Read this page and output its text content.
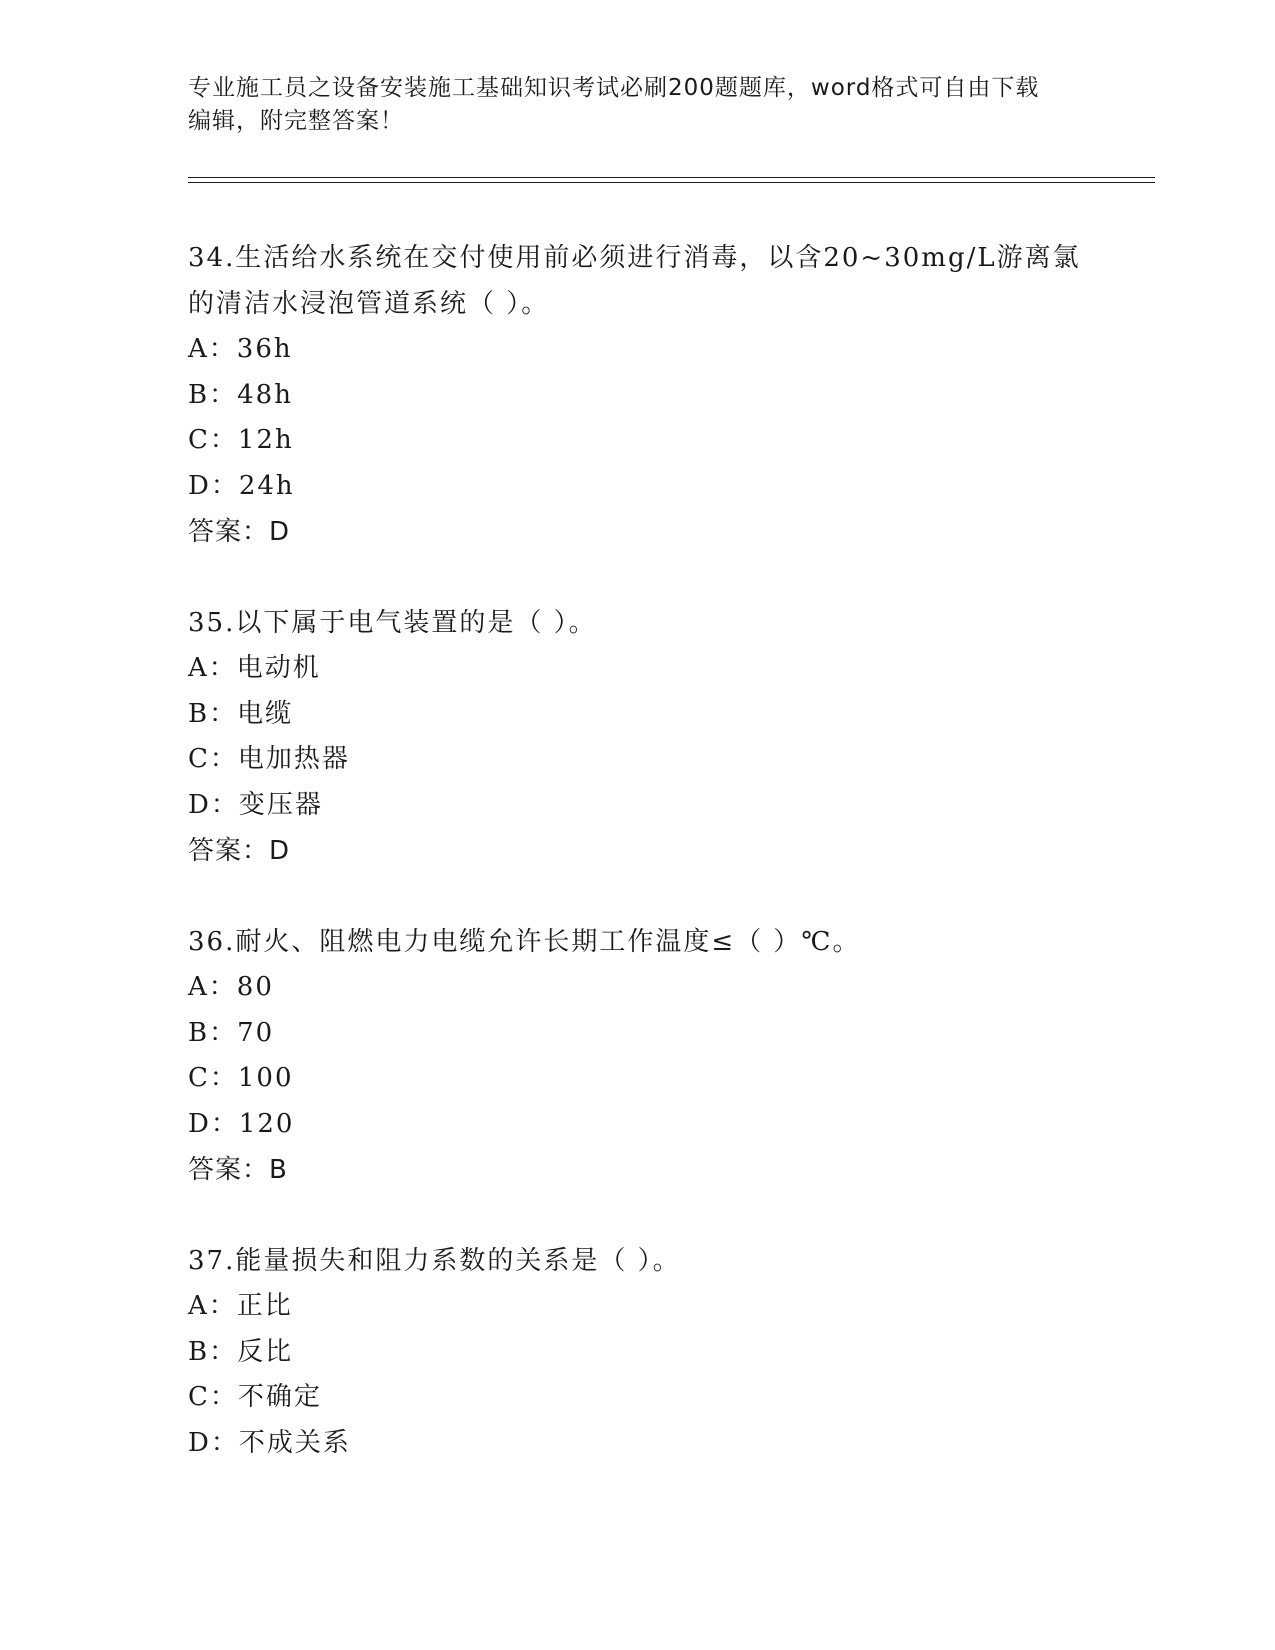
专业施工员之设备安装施工基础知识考试必刷200题题库，word格式可自由下载
编辑，附完整答案！

34.生活给水系统在交付使用前必须进行消毒，以含20~30mg/L游离氯

的清洁水浸泡管道系统（ ）。

A：36h

B：48h

C：12h

D：24h

答案：D

35.以下属于电气装置的是（ ）。

A：电动机

B：电缆

C：电加热器

D：变压器

答案：D

36.耐火、阻燃电力电缆允许长期工作温度≤（ ）℃。

A：80

B：70

C：100

D：120

答案：B

37.能量损失和阻力系数的关系是（ ）。

A：正比

B：反比

C：不确定

D：不成关系
